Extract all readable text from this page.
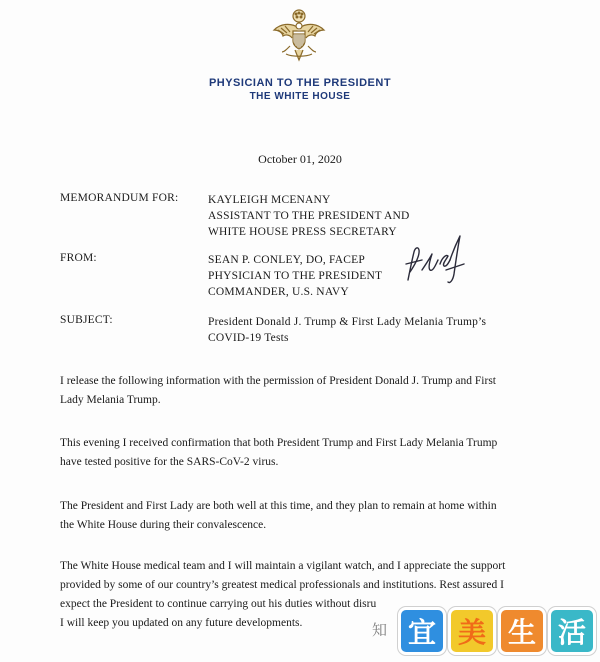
PHYSICIAN TO THE PRESIDENT
THE WHITE HOUSE
October 01, 2020
MEMORANDUM FOR:	KAYLEIGH MCENANY
ASSISTANT TO THE PRESIDENT AND
WHITE HOUSE PRESS SECRETARY
FROM:	SEAN P. CONLEY, DO, FACEP
PHYSICIAN TO THE PRESIDENT
COMMANDER, U.S. NAVY
SUBJECT:	President Donald J. Trump & First Lady Melania Trump’s
COVID-19 Tests
I release the following information with the permission of President Donald J. Trump and First
Lady Melania Trump.
This evening I received confirmation that both President Trump and First Lady Melania Trump
have tested positive for the SARS-CoV-2 virus.
The President and First Lady are both well at this time, and they plan to remain at home within
the White House during their convalescence.
The White House medical team and I will maintain a vigilant watch, and I appreciate the support
provided by some of our country’s greatest medical professionals and institutions. Rest assured I
expect the President to continue carrying out his duties without disru
I will keep you updated on any future developments.	知 宜 美 生 活
